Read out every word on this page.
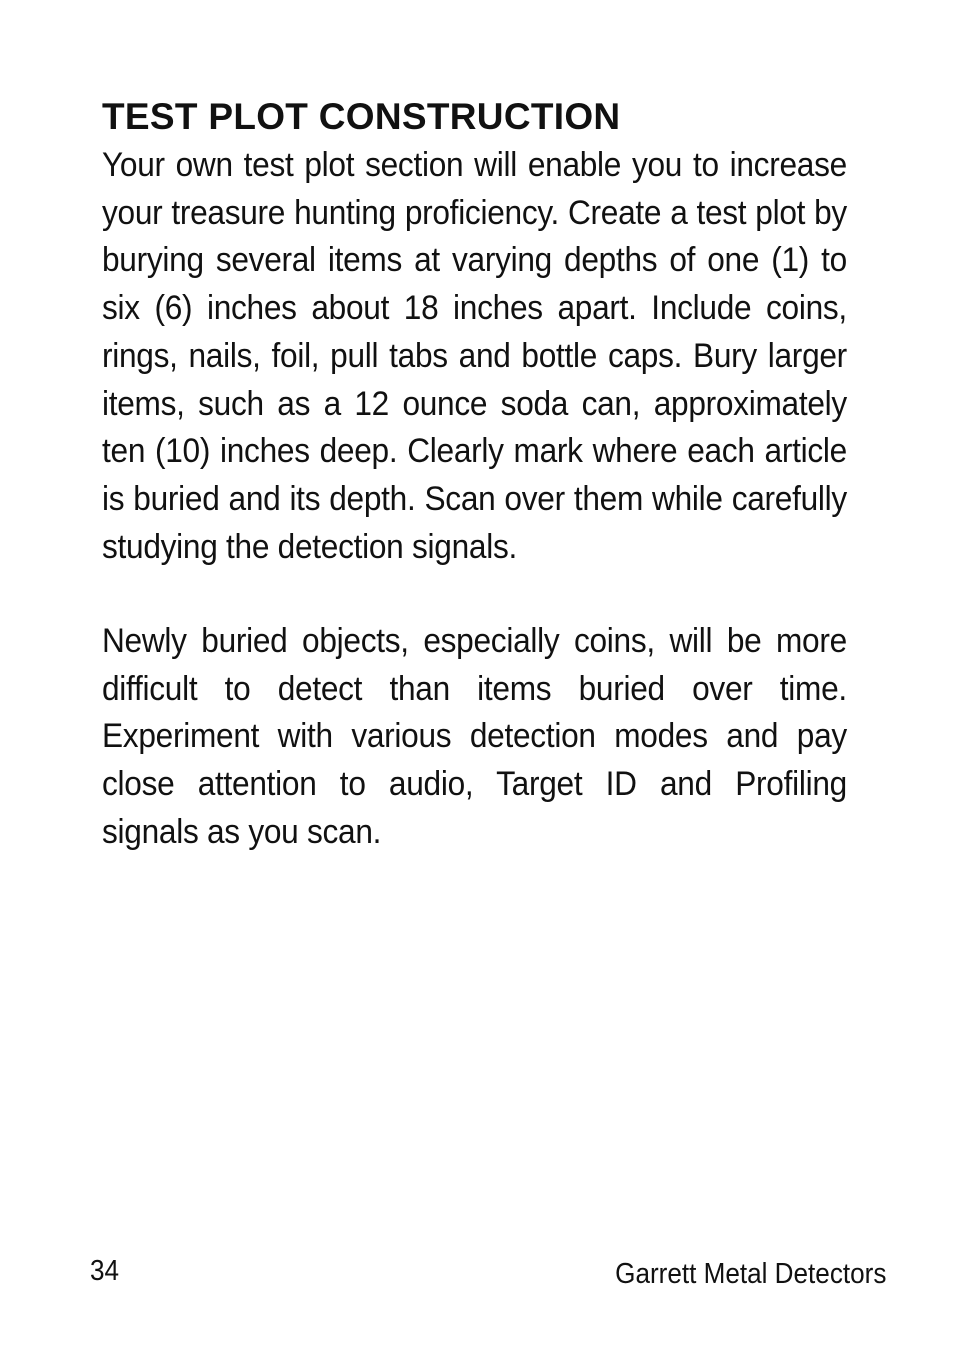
TEST PLOT CONSTRUCTION

Your own test plot section will enable you to increase your treasure hunting proficiency. Create a test plot by burying several items at varying depths of one (1) to six (6) inches about 18 inches apart. Include coins, rings, nails, foil, pull tabs and bottle caps. Bury larger items, such as a 12 ounce soda can, approximately ten (10) inches deep. Clearly mark where each article is buried and its depth. Scan over them while carefully studying the detection signals.

Newly buried objects, especially coins, will be more difficult to detect than items buried over time. Experiment with various detection modes and pay close attention to audio, Target ID and Profiling signals as you scan.

34	Garrett Metal Detectors
